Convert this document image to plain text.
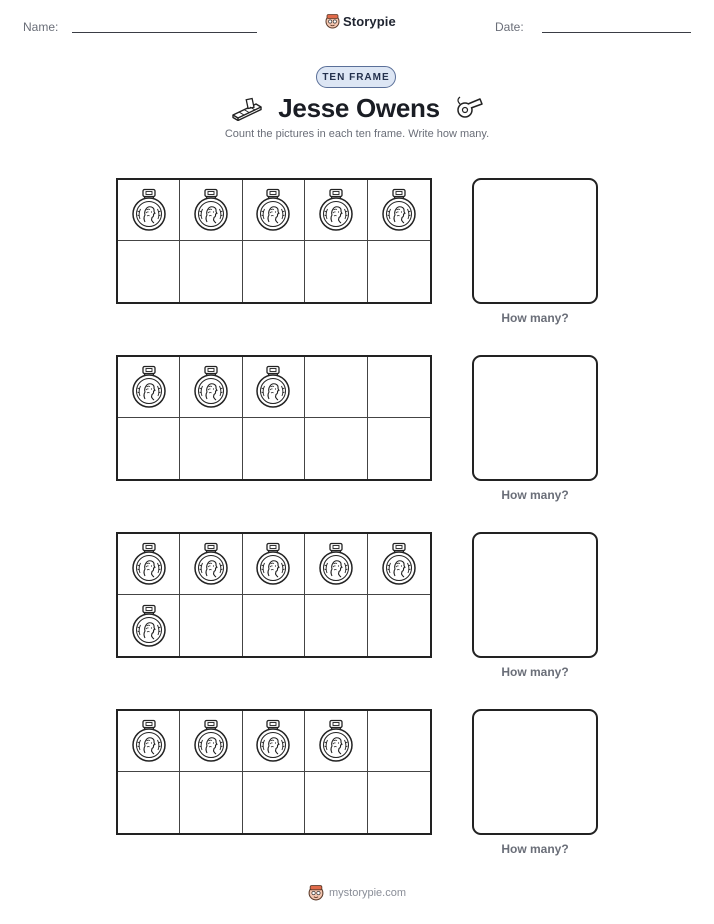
Name:	Storypie	Date:
TEN FRAME
Jesse Owens
Count the pictures in each ten frame. Write how many.
How many?
How many?
How many?
How many?
mystorypie.com
